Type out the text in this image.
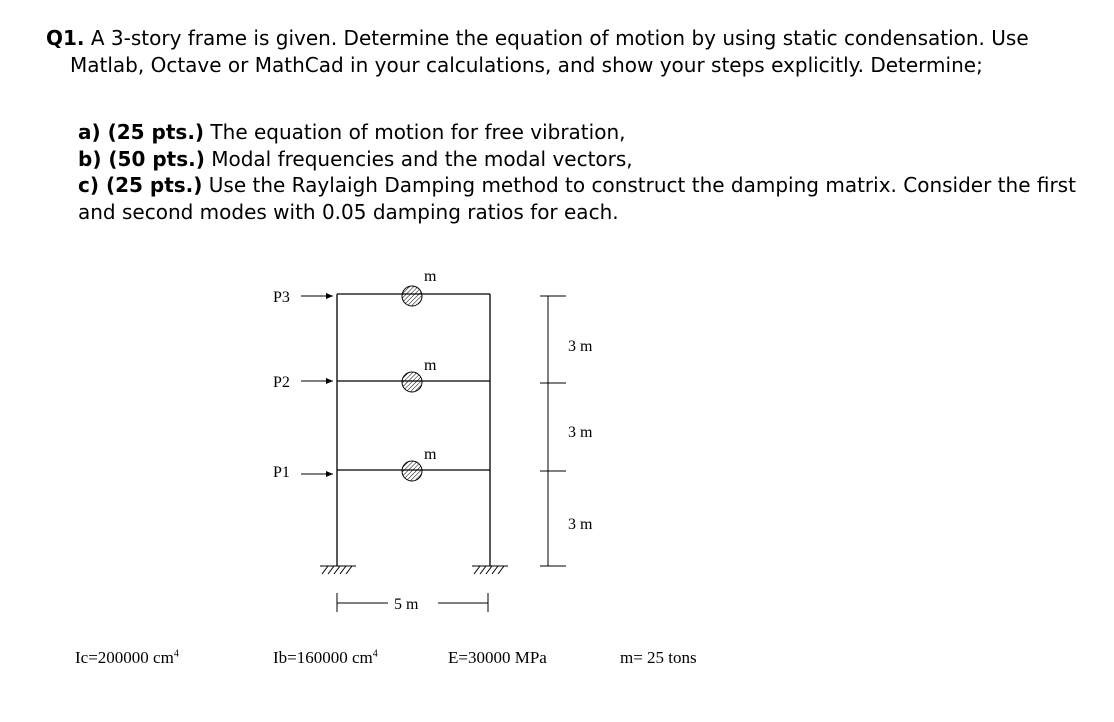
Q1. A 3-story frame is given. Determine the equation of motion by using static condensation. Use
Matlab, Octave or MathCad in your calculations, and show your steps explicitly. Determine;
a) (25 pts.) The equation of motion for free vibration,
b) (50 pts.) Modal frequencies and the modal vectors,
c) (25 pts.) Use the Raylaigh Damping method to construct the damping matrix. Consider the first and second modes with 0.05 damping ratios for each.
m
m
m
P3
P2
P1
3 m
3 m
3 m
5 m
I‌c=200000 $cm^4$	Ib=160000 $cm^4$	E=30000 MPa	m= 25 tons
